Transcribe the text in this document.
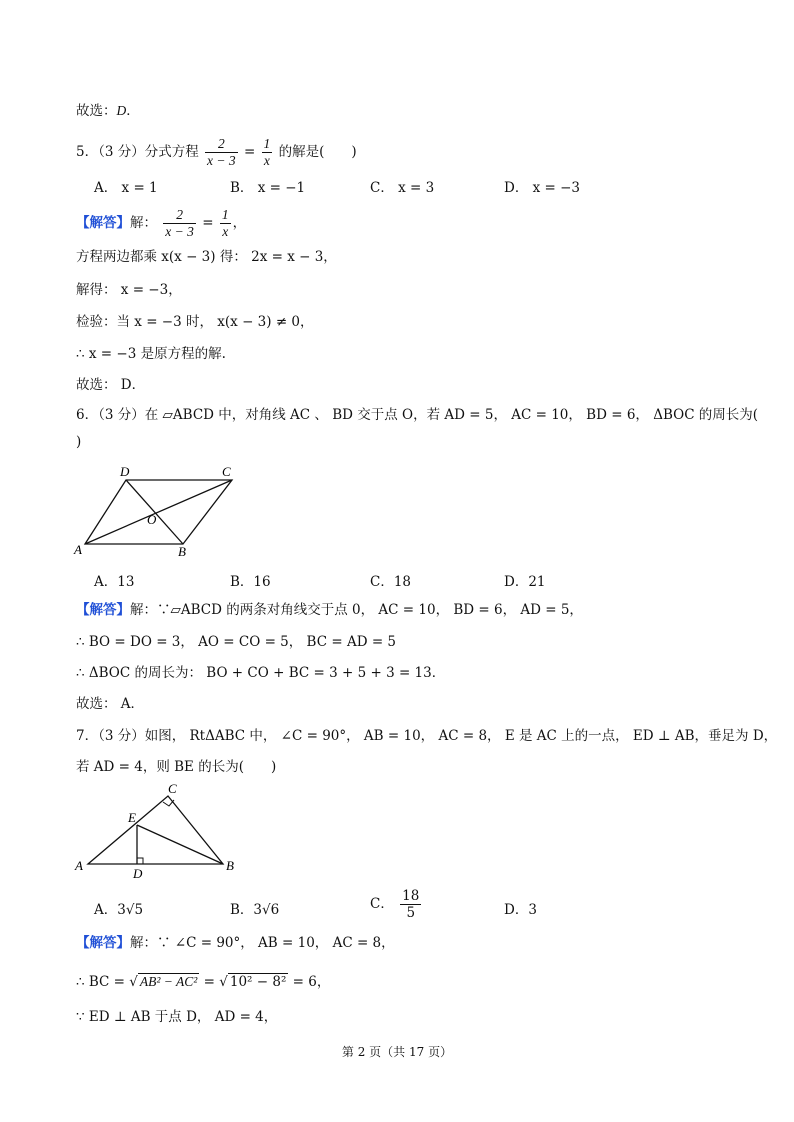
故选：D．
5．（3 分）分式方程 $\frac{2}{x - 3} = \frac{1}{x}$ 的解是(　　)
A． x = 1	B． x = −1	C． x = 3	D． x = −3
【解答】解： $\frac{2}{x - 3} = \frac{1}{x}$ ，
方程两边都乘 x(x − 3) 得： 2x = x − 3，
解得： x = −3，
检验：当 x = −3 时， x(x − 3) ≠ 0，
∴ x = −3 是原方程的解.
故选： D．
6．（3 分）在 ▱ABCD 中，对角线 AC 、 BD 交于点 O，若 AD = 5， AC = 10， BD = 6， ΔBOC 的周长为(
)
D	C
O
A	B
A．13	B．16	C．18	D．21
【解答】解：∵▱ABCD 的两条对角线交于点 0， AC = 10， BD = 6， AD = 5，
∴ BO = DO = 3， AO = CO = 5， BC = AD = 5
∴ ΔBOC 的周长为： BO + CO + BC = 3 + 5 + 3 = 13．
故选： A．
7．（3 分）如图， RtΔABC 中， ∠C = 90°， AB = 10， AC = 8， E 是 AC 上的一点， ED ⊥ AB，垂足为 D，
若 AD = 4，则 BE 的长为(　　)
C
E
A
D
B
A．3√5	B．3√6	C． $\frac{18}{5}$	D．3
【解答】解：∵ ∠C = 90°， AB = 10， AC = 8，
∴ BC = √ AB² − AC² = √ 10² − 8² = 6，
∵ ED ⊥ AB 于点 D， AD = 4，
第 2 页（共 17 页）
